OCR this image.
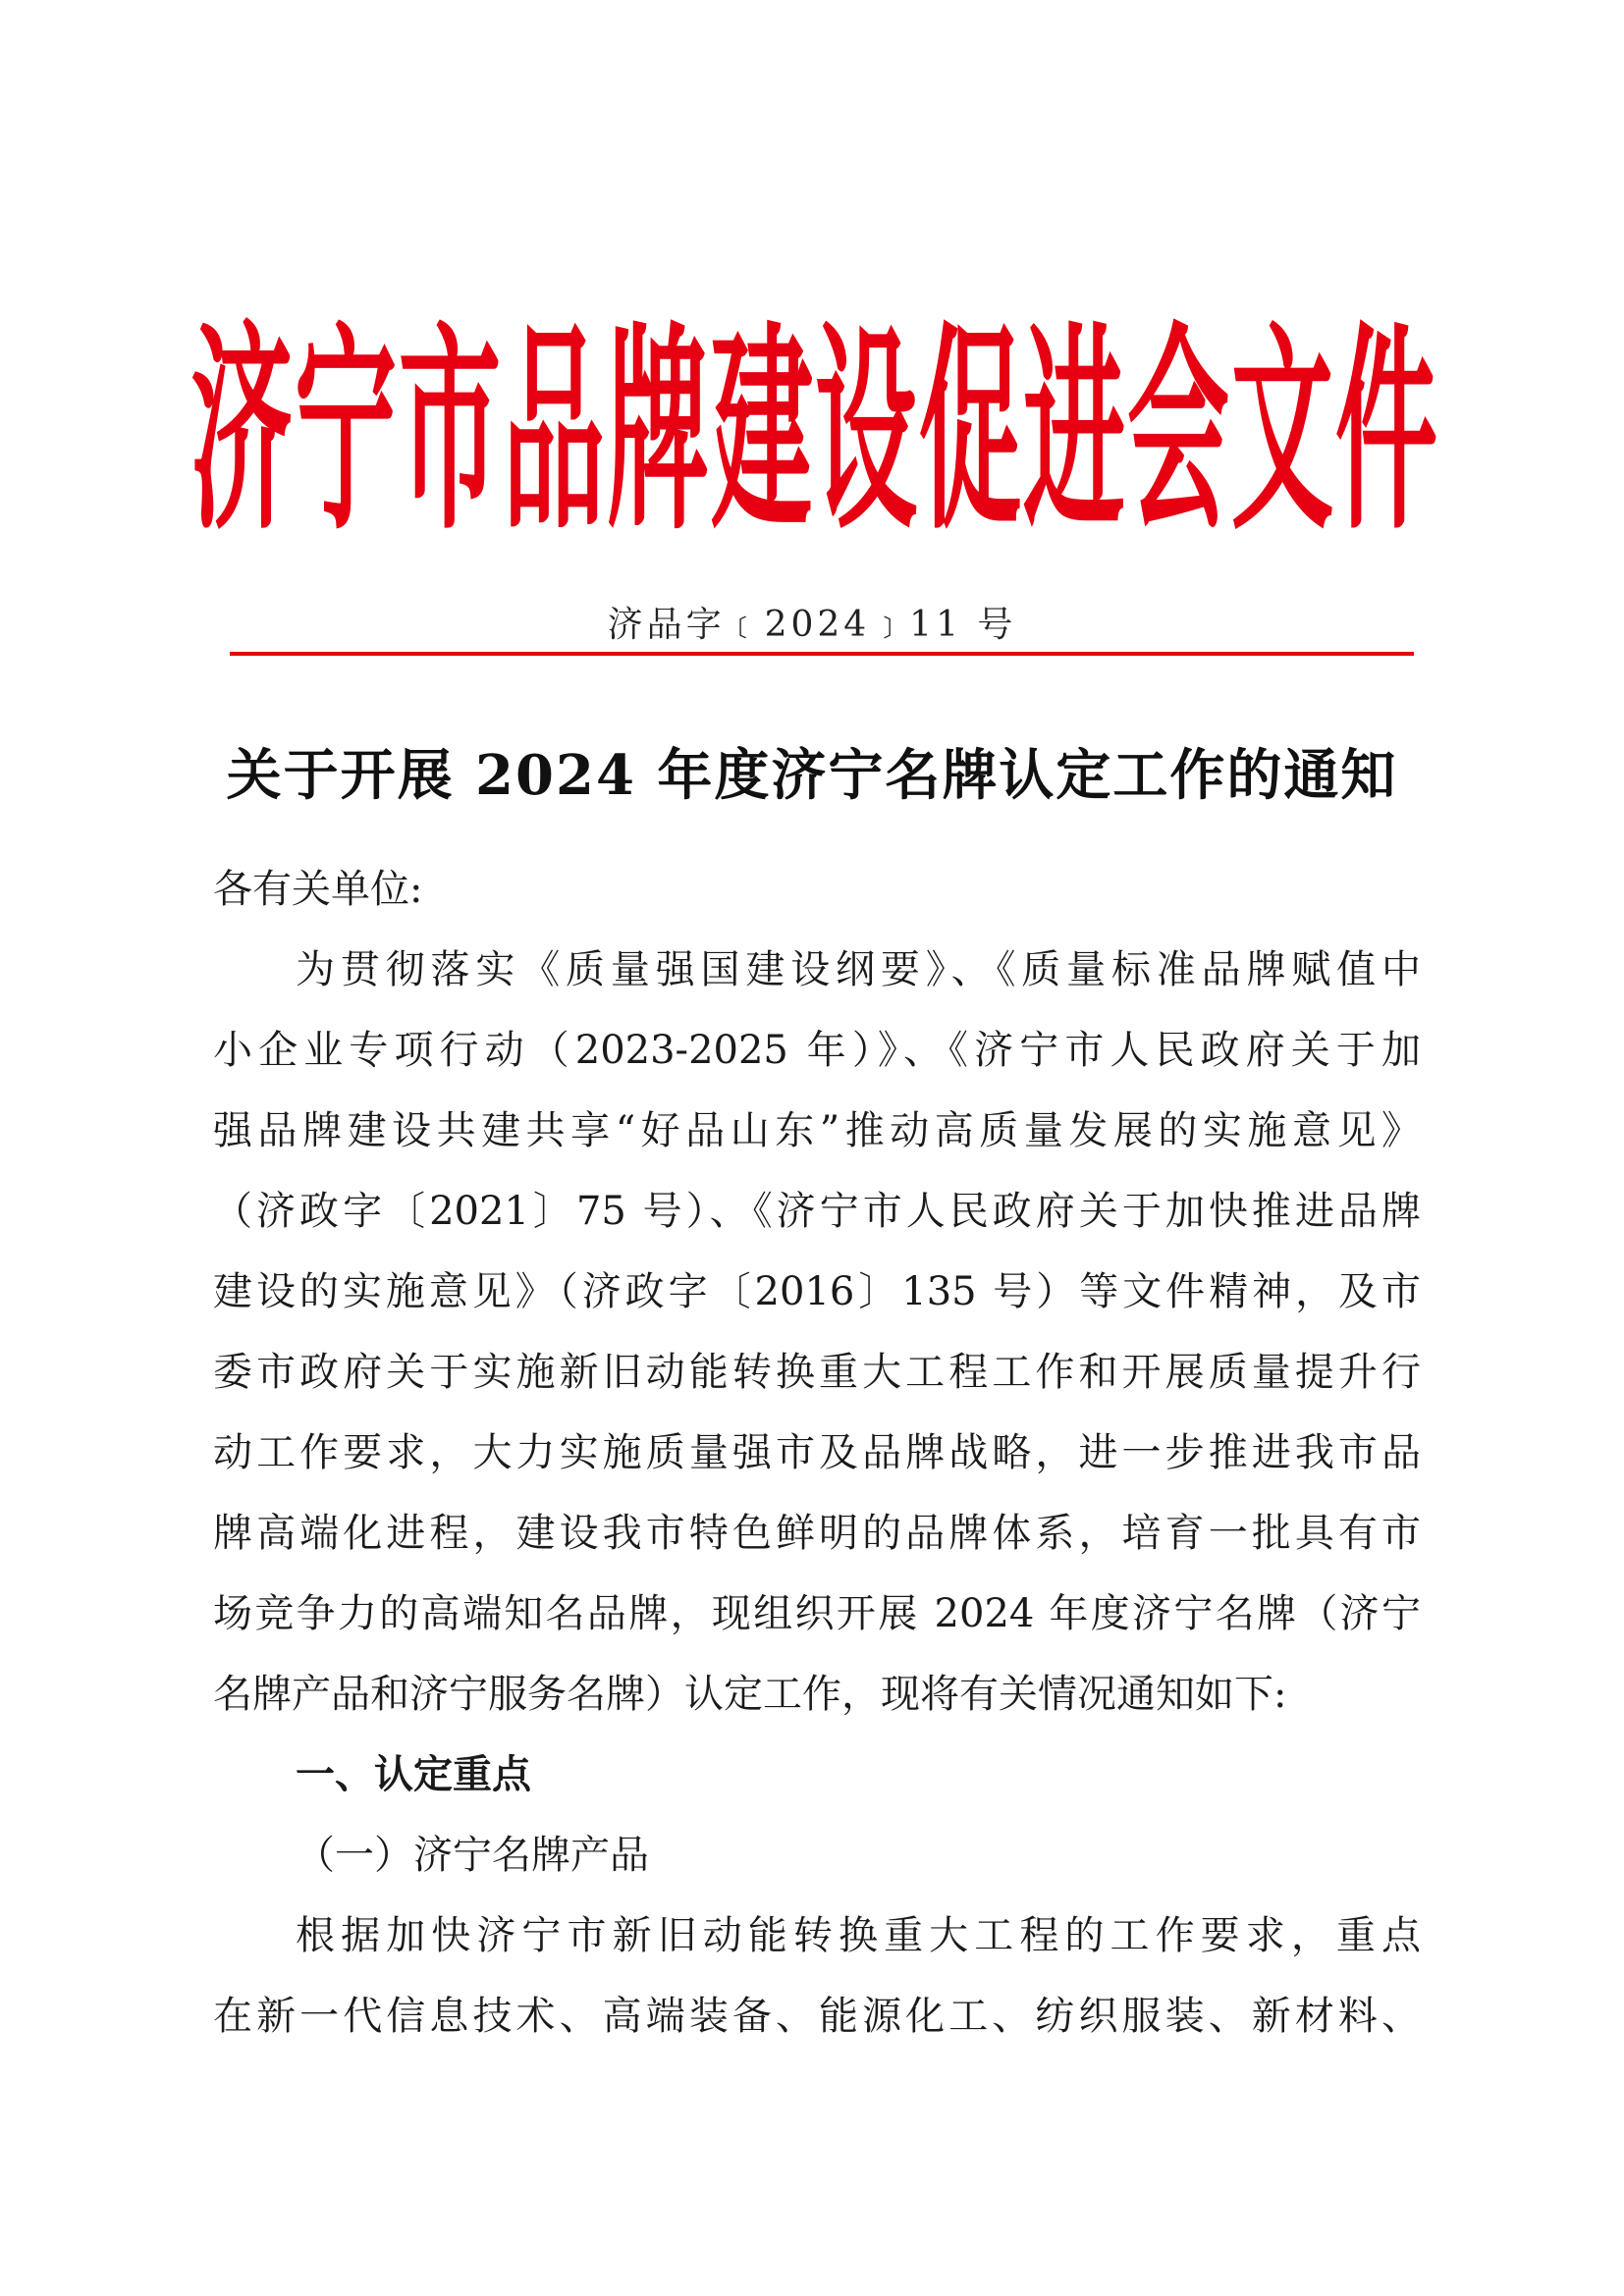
济宁市品牌建设促进会文件
济品字﹝2024﹞11 号
关于开展 2024 年度济宁名牌认定工作的通知
各有关单位:
为贯彻落实《质量强国建设纲要》、《质量标准品牌赋值中
小企业专项行动（2023-2025 年）》、《济宁市人民政府关于加
强品牌建设共建共享“好品山东”推动高质量发展的实施意见》
（济政字〔2021〕75 号）、《济宁市人民政府关于加快推进品牌
建设的实施意见》（济政字〔2016〕135 号）等文件精神，及市
委市政府关于实施新旧动能转换重大工程工作和开展质量提升行
动工作要求，大力实施质量强市及品牌战略，进一步推进我市品
牌高端化进程，建设我市特色鲜明的品牌体系，培育一批具有市
场竞争力的高端知名品牌，现组织开展 2024 年度济宁名牌（济宁
名牌产品和济宁服务名牌）认定工作，现将有关情况通知如下:
一、认定重点
（一）济宁名牌产品
根据加快济宁市新旧动能转换重大工程的工作要求，重点
在新一代信息技术、高端装备、能源化工、纺织服装、新材料、
